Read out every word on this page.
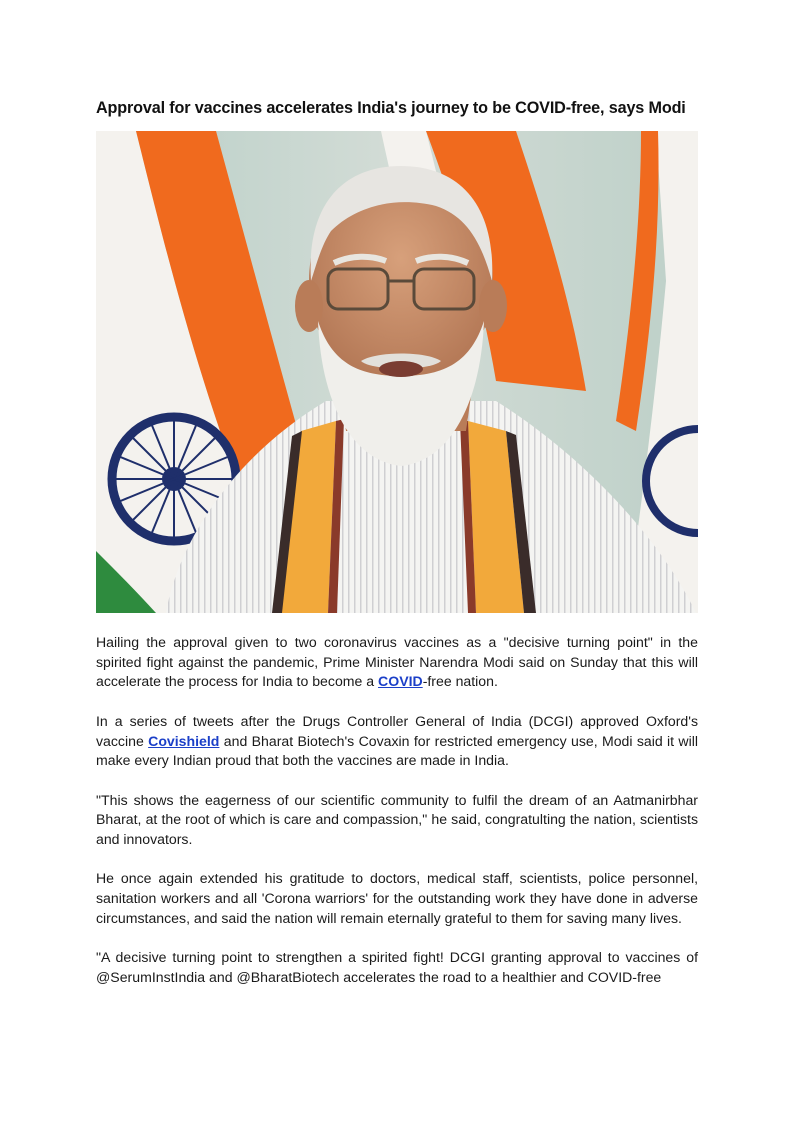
Approval for vaccines accelerates India's journey to be COVID-free, says Modi

Hailing the approval given to two coronavirus vaccines as a "decisive turning point" in the spirited fight against the pandemic, Prime Minister Narendra Modi said on Sunday that this will accelerate the process for India to become a COVID-free nation.

In a series of tweets after the Drugs Controller General of India (DCGI) approved Oxford's vaccine Covishield and Bharat Biotech's Covaxin for restricted emergency use, Modi said it will make every Indian proud that both the vaccines are made in India.

"This shows the eagerness of our scientific community to fulfil the dream of an Aatmanirbhar Bharat, at the root of which is care and compassion," he said, congratulting the nation, scientists and innovators.

He once again extended his gratitude to doctors, medical staff, scientists, police personnel, sanitation workers and all 'Corona warriors' for the outstanding work they have done in adverse circumstances, and said the nation will remain eternally grateful to them for saving many lives.

"A decisive turning point to strengthen a spirited fight! DCGI granting approval to vaccines of @SerumInstIndia and @BharatBiotech accelerates the road to a healthier and COVID-free
